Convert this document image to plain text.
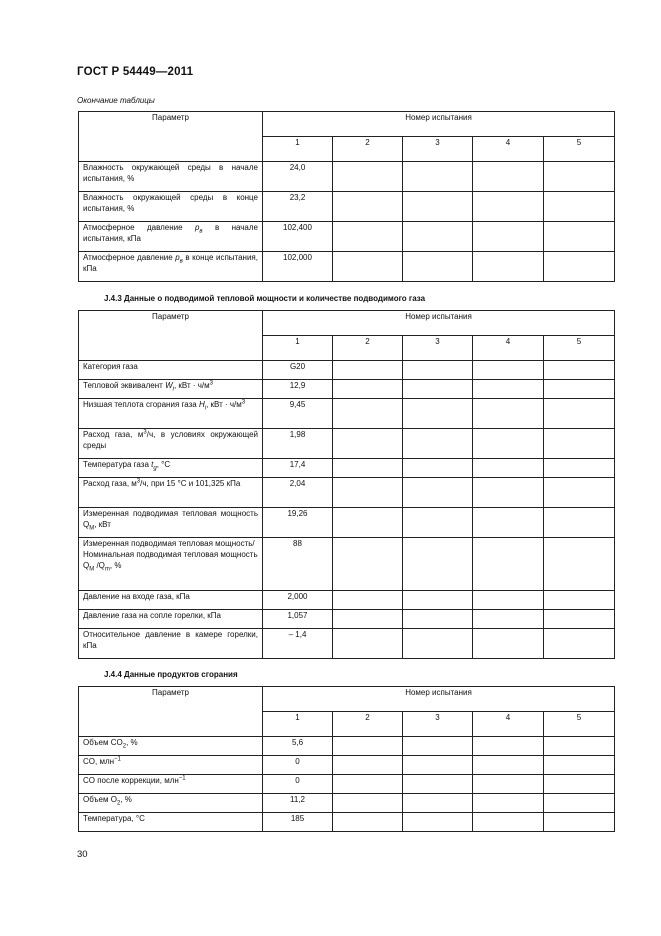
ГОСТ Р 54449—2011
Окончание таблицы
Параметр	Номер испытания				
	1	2	3	4	5
Влажность окружающей среды в начале испытания, %	24,0				
Влажность окружающей среды в конце испытания, %	23,2				
Атмосферное давление $p_в$ в начале испытания, кПа	102,400				
Атмосферное давление $p_в$ в конце испытания, кПа	102,000				
J.4.3 Данные о подводимой тепловой мощности и количестве подводимого газа
Параметр	Номер испытания				
	1	2	3	4	5
Категория газа	G20				
Тепловой эквивалент $W_i$, кВт · $ч/м^3$	12,9				
Низшая теплота сгорания газа $H_i$, кВт · $ч/м^3$	9,45				
Расход газа, $м^3/ч$, в условиях окружающей среды	1,98				
Температура газа $t_g$, °С	17,4				
Расход газа, $м^3/ч$, при 15 °С и 101,325 кПа	2,04				
Измеренная подводимая тепловая мощность $Q_M$, кВт	19,26				
Измеренная подводимая тепловая мощность/Номинальная подводимая тепловая мощность $Q_M$ $/Q_m$, %	88				
Давление на входе газа, кПа	2,000				
Давление газа на сопле горелки, кПа	1,057				
Относительное давление в камере горелки, кПа	– 1,4				
J.4.4 Данные продуктов сгорания
Параметр	Номер испытания				
	1	2	3	4	5
Объем $CO_2$, %	5,6				
CO, млн$^{-1}$	0				
CO после коррекции, млн$^{-1}$	0				
Объем $O_2$, %	11,2				
Температура, °С	185				
30
